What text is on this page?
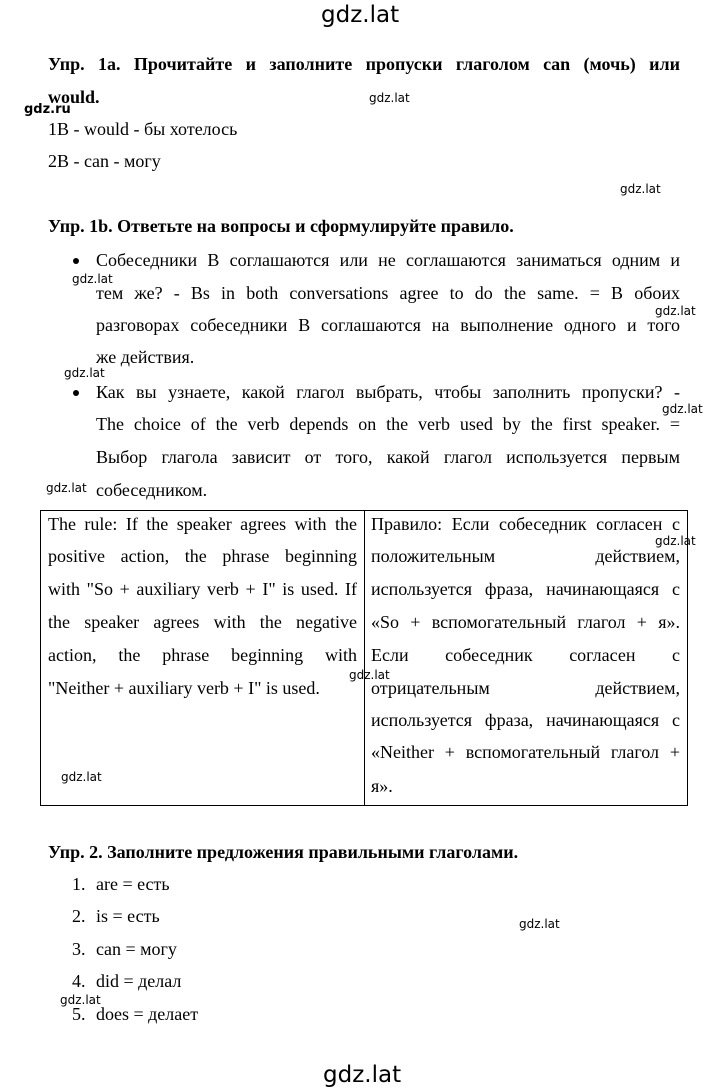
gdz.lat
Упр. 1а. Прочитайте и заполните пропуски глаголом can (мочь) или
would.	gdz.lat
gdz.ru
1B - would - бы хотелось
2B - can - могу
gdz.lat
Упр. 1b. Ответьте на вопросы и сформулируйте правило.
Собеседники В соглашаются или не соглашаются заниматься одним и
gdz.lat
тем же? - Bs in both conversations agree to do the same. = В обоих
gdz.lat
разговорах собеседники В соглашаются на выполнение одного и того
же действия.
gdz.lat
Как вы узнаете, какой глагол выбрать, чтобы заполнить пропуски? -
gdz.lat
The choice of the verb depends on the verb used by the first speaker. =
Выбор глагола зависит от того, какой глагол используется первым
gdz.lat собеседником.
The rule: If the speaker agrees with the
positive action, the phrase beginning
with "So + auxiliary verb + I" is used. If
the speaker agrees with the negative
action, the phrase beginning with
"Neither + auxiliary verb + I" is used.
gdz.lat

Правило: Если собеседник согласен с
положительным действием,
используется фраза, начинающаяся с
«So + вспомогательный глагол + я».
Если собеседник согласен с
отрицательным действием,
используется фраза, начинающаяся с
«Neither + вспомогательный глагол +
я».
gdz.lat
gdz.lat
Упр. 2. Заполните предложения правильными глаголами.
1. are = есть
2. is = есть	gdz.lat
3. can = могу
4. did = делал
gdz.lat
5. does = делает
gdz.lat
